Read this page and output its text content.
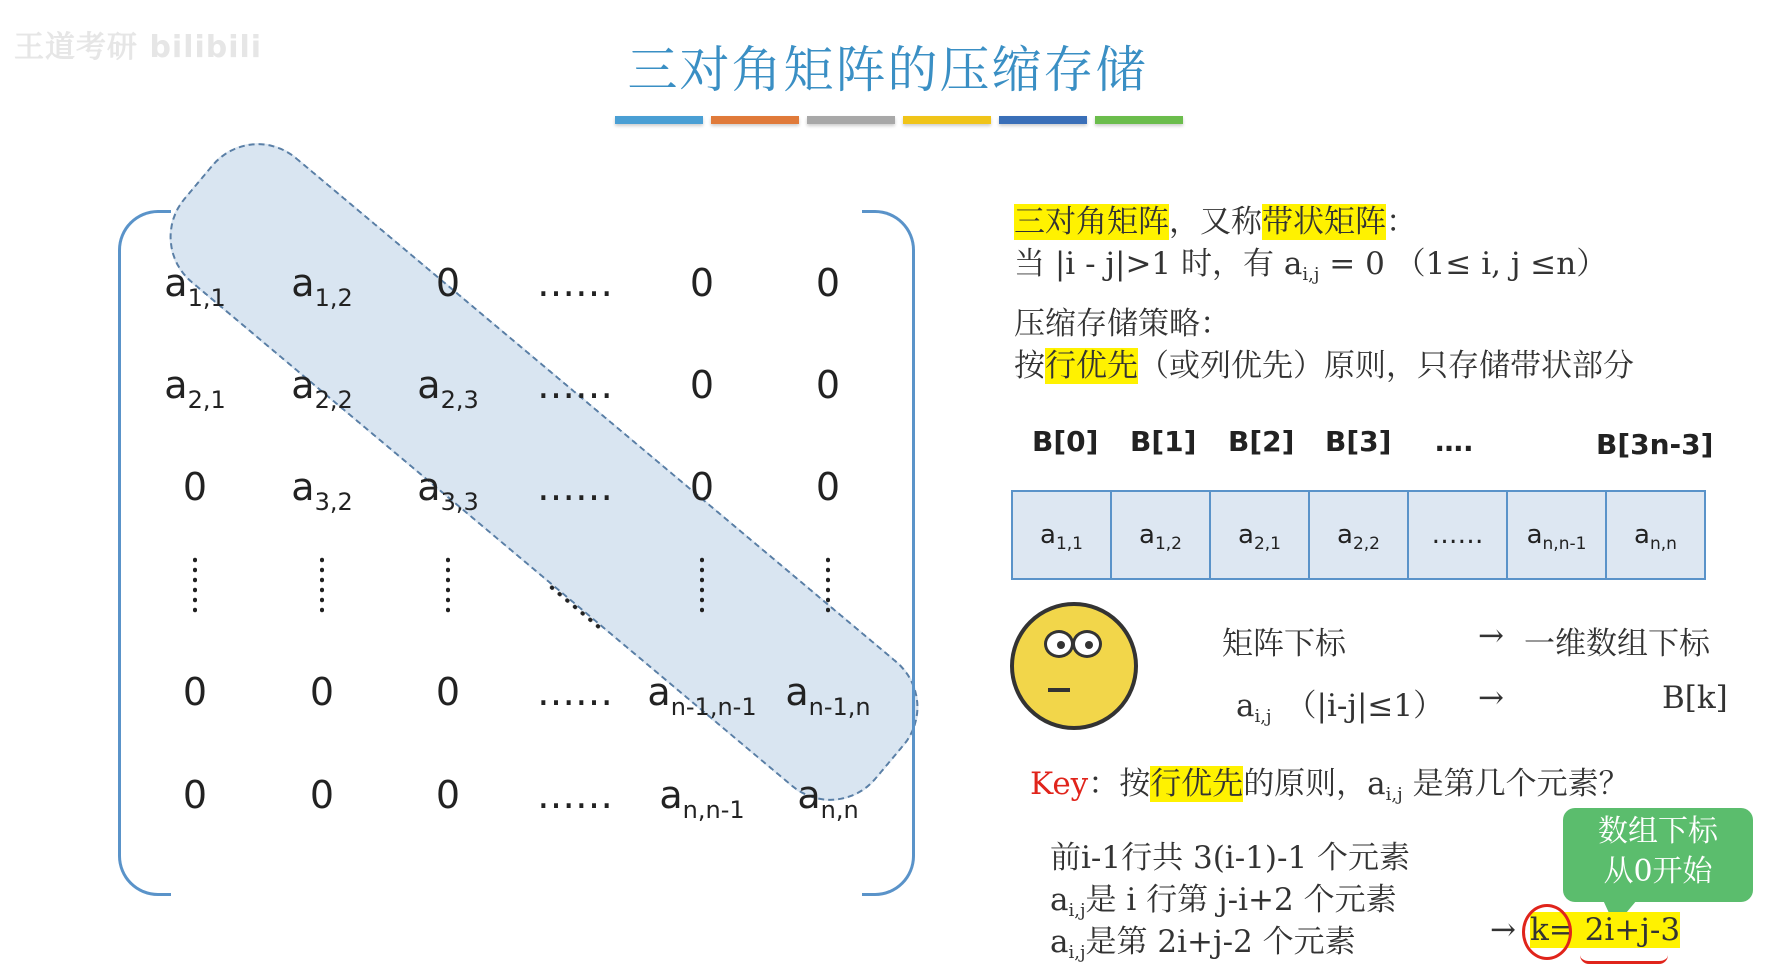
王道考研 bilibili	三对角矩阵的压缩存储
$a_{1,1}$	$a_{1,2}$	0	……	0	0
$a_{2,1}$	$a_{2,2}$	$a_{2,3}$	……	0	0
0	$a_{3,2}$	$a_{3,3}$	……	0	0
0	0	0	…… $a_{n-1,n-1}$ $a_{n-1,n}$
0	0	0	……	$a_{n,n-1}$	$a_{n,n}$
三对角矩阵，又称带状矩阵：
当 |i - j|>1 时，有 $a_{i,j} = 0$ （1≤ i, j ≤n）
压缩存储策略：
按行优先（或列优先）原则，只存储带状部分
B[0] B[1] B[2] B[3] ….	B[3n-3]
$a_{1,1}$	$a_{1,2}$	$a_{2,1}$	$a_{2,2}$	……	$a_{n,n-1}$	$a_{n,n}$
矩阵下标	→ 一维数组下标
$a_{i,j}$ （|i-j|≤1） →	B[k]
Key：按行优先的原则，$a_{i,j}$ 是第几个元素？
前i-1行共 3(i-1)-1 个元素
$a_{i,j}$是 i 行第 j-i+2 个元素
$a_{i,j}$是第 2i+j-2 个元素
数组下标
从0开始
→ k= 2i+j-3
